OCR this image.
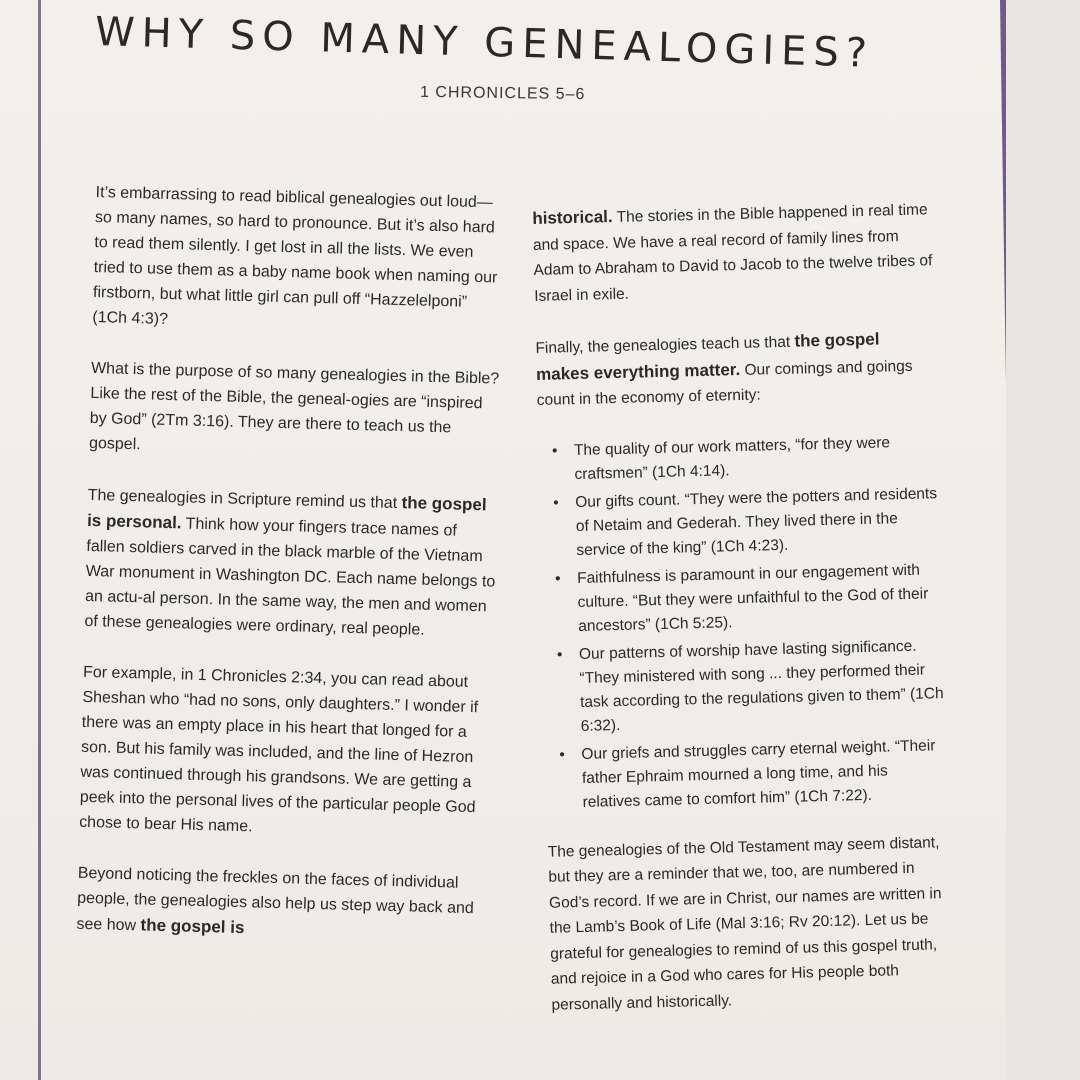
WHY SO MANY GENEALOGIES?
1 CHRONICLES 5–6

It’s embarrassing to read biblical genealogies out loud—so many names, so hard to pronounce. But it’s also hard to read them silently. I get lost in all the lists. We even tried to use them as a baby name book when naming our firstborn, but what little girl can pull off “Hazzelelponi” (1Ch 4:3)?

What is the purpose of so many genealogies in the Bible? Like the rest of the Bible, the geneal-ogies are “inspired by God” (2Tm 3:16). They are there to teach us the gospel.

The genealogies in Scripture remind us that the gospel is personal. Think how your fingers trace names of fallen soldiers carved in the black marble of the Vietnam War monument in Washington DC. Each name belongs to an actu-al person. In the same way, the men and women of these genealogies were ordinary, real people.

For example, in 1 Chronicles 2:34, you can read about Sheshan who “had no sons, only daughters.” I wonder if there was an empty place in his heart that longed for a son. But his family was included, and the line of Hezron was continued through his grandsons. We are getting a peek into the personal lives of the particular people God chose to bear His name.

Beyond noticing the freckles on the faces of individual people, the genealogies also help us step way back and see how the gospel is

historical. The stories in the Bible happened in real time and space. We have a real record of family lines from Adam to Abraham to David to Jacob to the twelve tribes of Israel in exile.

Finally, the genealogies teach us that the gospel makes everything matter. Our comings and goings count in the economy of eternity:

• The quality of our work matters, “for they were craftsmen” (1Ch 4:14).
• Our gifts count. “They were the potters and residents of Netaim and Gederah. They lived there in the service of the king” (1Ch 4:23).
• Faithfulness is paramount in our engagement with culture. “But they were unfaithful to the God of their ancestors” (1Ch 5:25).
• Our patterns of worship have lasting significance. “They ministered with song ... they performed their task according to the regulations given to them” (1Ch 6:32).
• Our griefs and struggles carry eternal weight. “Their father Ephraim mourned a long time, and his relatives came to comfort him” (1Ch 7:22).

The genealogies of the Old Testament may seem distant, but they are a reminder that we, too, are numbered in God’s record. If we are in Christ, our names are written in the Lamb’s Book of Life (Mal 3:16; Rv 20:12). Let us be grateful for genealogies to remind of us this gospel truth, and rejoice in a God who cares for His people both personally and historically.
